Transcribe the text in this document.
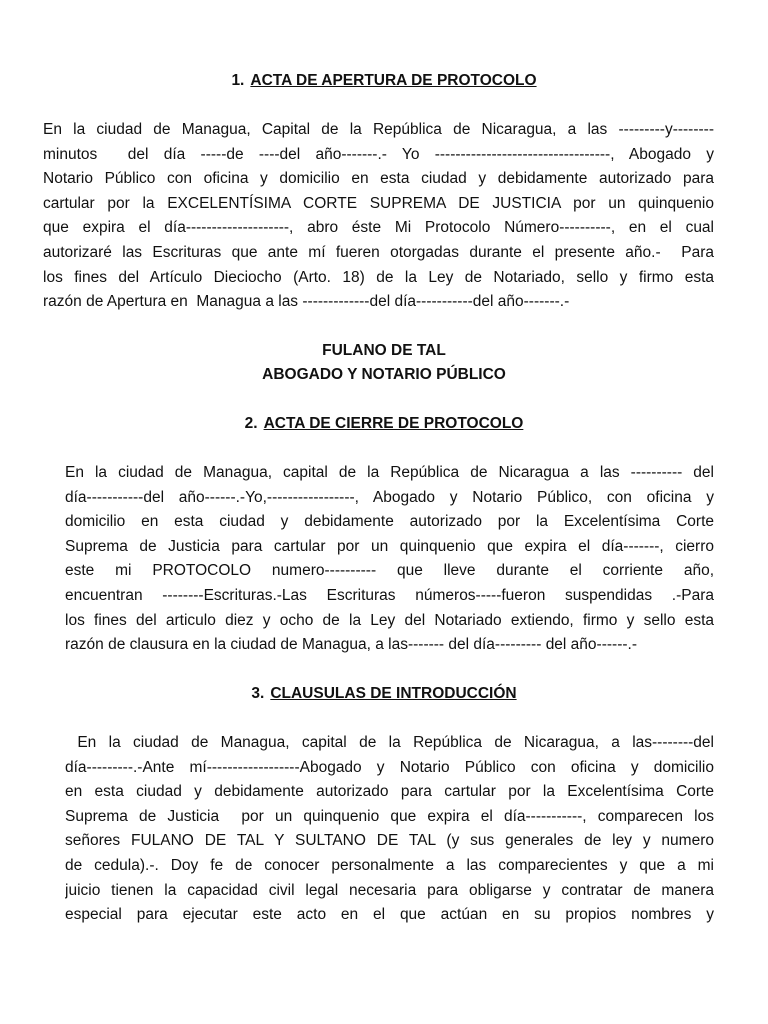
1. ACTA DE APERTURA DE PROTOCOLO
En la ciudad de Managua, Capital de la República de Nicaragua, a las ---------y--------
minutos  del día -----de ----del año-------.- Yo ----------------------------------, Abogado y
Notario Público con oficina y domicilio en esta ciudad y debidamente autorizado para
cartular por la EXCELENTÍSIMA CORTE SUPREMA DE JUSTICIA por un quinquenio
que expira el día--------------------, abro éste Mi Protocolo Número----------, en el cual
autorizaré las Escrituras que ante mí fueren otorgadas durante el presente año.-  Para
los fines del Artículo Dieciocho (Arto. 18) de la Ley de Notariado, sello y firmo esta
razón de Apertura en  Managua a las -------------del día-----------del año-------.-
FULANO DE TAL
ABOGADO Y NOTARIO PÚBLICO
2. ACTA DE CIERRE DE PROTOCOLO
En la ciudad de Managua, capital de la República de Nicaragua a las ---------- del
día-----------del año------.-Yo,-----------------, Abogado y Notario Público, con oficina y
domicilio en esta ciudad y debidamente autorizado por la Excelentísima Corte
Suprema de Justicia para cartular por un quinquenio que expira el día-------, cierro
este mi PROTOCOLO numero---------- que lleve durante el corriente año,
encuentran --------Escrituras.-Las Escrituras números-----fueron suspendidas .-Para
los fines del articulo diez y ocho de la Ley del Notariado extiendo, firmo y sello esta
razón de clausura en la ciudad de Managua, a las------- del día--------- del año------.-
3. CLAUSULAS DE INTRODUCCIÓN
En la ciudad de Managua, capital de la República de Nicaragua, a las--------del
día---------.-Ante mí------------------Abogado y Notario Público con oficina y domicilio
en esta ciudad y debidamente autorizado para cartular por la Excelentísima Corte
Suprema de Justicia  por un quinquenio que expira el día-----------, comparecen los
señores FULANO DE TAL Y SULTANO DE TAL (y sus generales de ley y numero
de cedula).-. Doy fe de conocer personalmente a las comparecientes y que a mi
juicio tienen la capacidad civil legal necesaria para obligarse y contratar de manera
especial para ejecutar este acto en el que actúan en su propios nombres y
